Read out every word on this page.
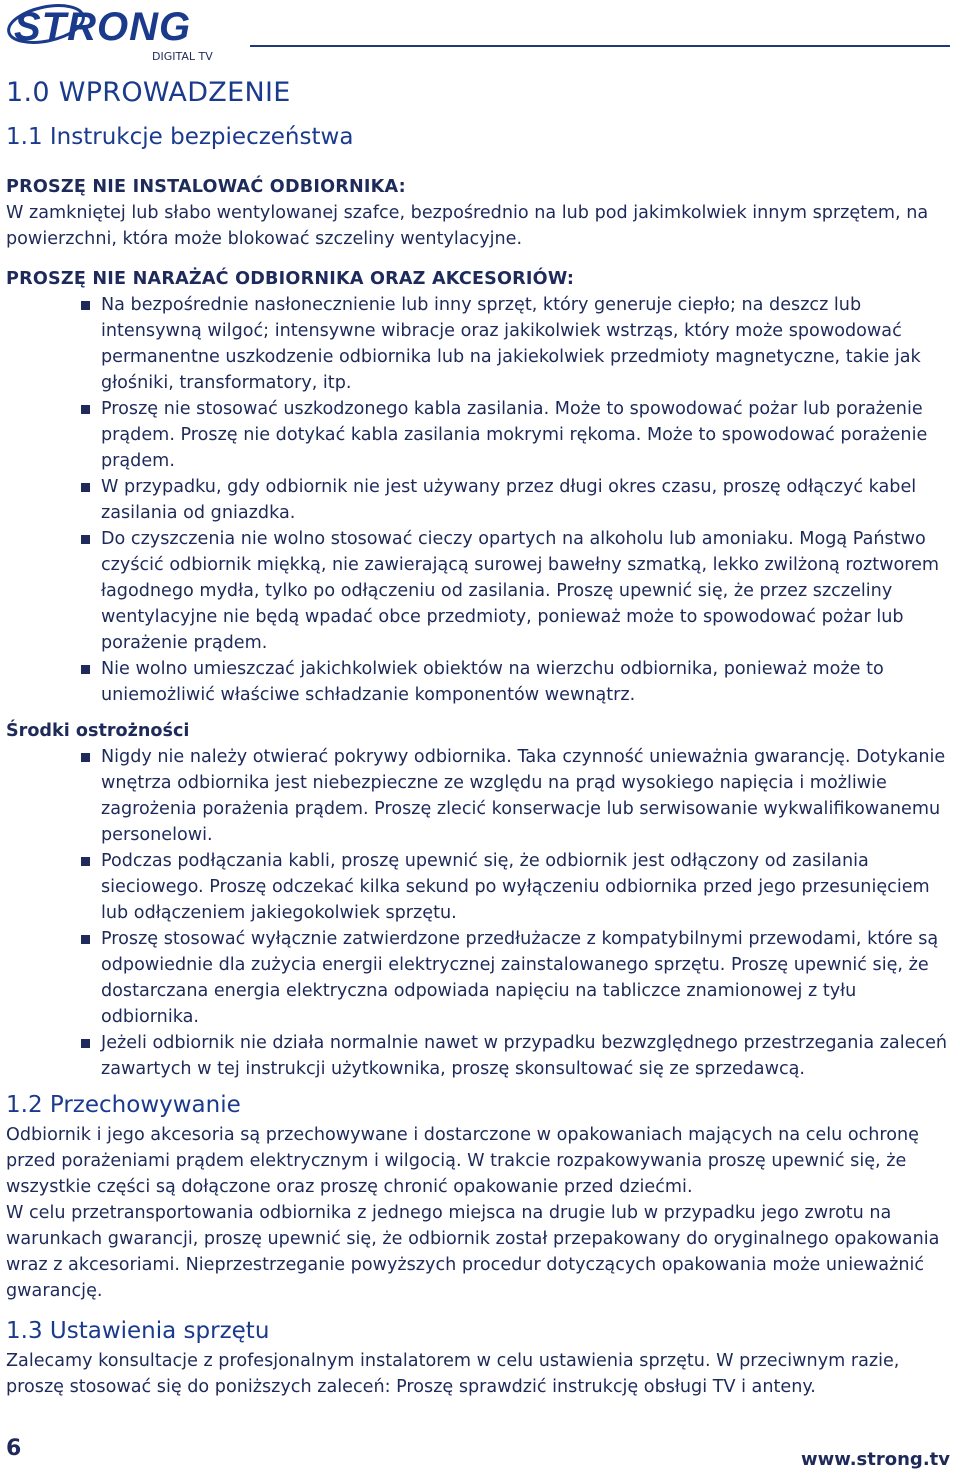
STRONG
DIGITAL TV
1.0 WPROWADZENIE
1.1 Instrukcje bezpieczeństwa
PROSZĘ NIE INSTALOWAĆ ODBIORNIKA:

W zamkniętej lub słabo wentylowanej szafce, bezpośrednio na lub pod jakimkolwiek innym sprzętem, na powierzchni, która może blokować szczeliny wentylacyjne.

PROSZĘ NIE NARAŻAĆ ODBIORNIKA ORAZ AKCESORIÓW:
Na bezpośrednie nasłonecznienie lub inny sprzęt, który generuje ciepło; na deszcz lub intensywną wilgoć; intensywne wibracje oraz jakikolwiek wstrząs, który może spowodować permanentne uszkodzenie odbiornika lub na jakiekolwiek przedmioty magnetyczne, takie jak głośniki, transformatory, itp.
Proszę nie stosować uszkodzonego kabla zasilania. Może to spowodować pożar lub porażenie prądem. Proszę nie dotykać kabla zasilania mokrymi rękoma. Może to spowodować porażenie prądem.
W przypadku, gdy odbiornik nie jest używany przez długi okres czasu, proszę odłączyć kabel zasilania od gniazdka.
Do czyszczenia nie wolno stosować cieczy opartych na alkoholu lub amoniaku. Mogą Państwo czyścić odbiornik miękką, nie zawierającą surowej bawełny szmatką, lekko zwilżoną roztworem łagodnego mydła, tylko po odłączeniu od zasilania. Proszę upewnić się, że przez szczeliny wentylacyjne nie będą wpadać obce przedmioty, ponieważ może to spowodować pożar lub porażenie prądem.
Nie wolno umieszczać jakichkolwiek obiektów na wierzchu odbiornika, ponieważ może to uniemożliwić właściwe schładzanie komponentów wewnątrz.
Środki ostrożności
Nigdy nie należy otwierać pokrywy odbiornika. Taka czynność unieważnia gwarancję. Dotykanie wnętrza odbiornika jest niebezpieczne ze względu na prąd wysokiego napięcia i możliwie zagrożenia porażenia prądem. Proszę zlecić konserwacje lub serwisowanie wykwalifikowanemu personelowi.
Podczas podłączania kabli, proszę upewnić się, że odbiornik jest odłączony od zasilania sieciowego. Proszę odczekać kilka sekund po wyłączeniu odbiornika przed jego przesunięciem lub odłączeniem jakiegokolwiek sprzętu.
Proszę stosować wyłącznie zatwierdzone przedłużacze z kompatybilnymi przewodami, które są odpowiednie dla zużycia energii elektrycznej zainstalowanego sprzętu. Proszę upewnić się, że dostarczana energia elektryczna odpowiada napięciu na tabliczce znamionowej z tyłu odbiornika.
Jeżeli odbiornik nie działa normalnie nawet w przypadku bezwzględnego przestrzegania zaleceń zawartych w tej instrukcji użytkownika, proszę skonsultować się ze sprzedawcą.
1.2 Przechowywanie

Odbiornik i jego akcesoria są przechowywane i dostarczone w opakowaniach mających na celu ochronę przed porażeniami prądem elektrycznym i wilgocią. W trakcie rozpakowywania proszę upewnić się, że wszystkie części są dołączone oraz proszę chronić opakowanie przed dziećmi.

W celu przetransportowania odbiornika z jednego miejsca na drugie lub w przypadku jego zwrotu na warunkach gwarancji, proszę upewnić się, że odbiornik został przepakowany do oryginalnego opakowania wraz z akcesoriami. Nieprzestrzeganie powyższych procedur dotyczących opakowania może unieważnić gwarancję.

1.3 Ustawienia sprzętu

Zalecamy konsultacje z profesjonalnym instalatorem w celu ustawienia sprzętu. W przeciwnym razie, proszę stosować się do poniższych zaleceń: Proszę sprawdzić instrukcję obsługi TV i anteny.

6	www.strong.tv
